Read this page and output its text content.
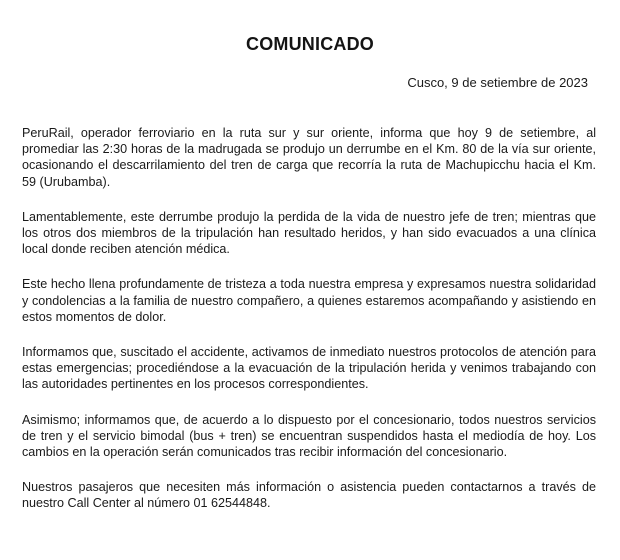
COMUNICADO
Cusco, 9 de setiembre de 2023

PeruRail, operador ferroviario en la ruta sur y sur oriente, informa que hoy 9 de setiembre, al promediar las 2:30 horas de la madrugada se produjo un derrumbe en el Km. 80 de la vía sur oriente, ocasionando el descarrilamiento del tren de carga que recorría la ruta de Machupicchu hacia el Km. 59 (Urubamba).

Lamentablemente, este derrumbe produjo la perdida de la vida de nuestro jefe de tren; mientras que los otros dos miembros de la tripulación han resultado heridos, y han sido evacuados a una clínica local donde reciben atención médica.

Este hecho llena profundamente de tristeza a toda nuestra empresa y expresamos nuestra solidaridad y condolencias a la familia de nuestro compañero, a quienes estaremos acompañando y asistiendo en estos momentos de dolor.

Informamos que, suscitado el accidente, activamos de inmediato nuestros protocolos de atención para estas emergencias; procediéndose a la evacuación de la tripulación herida y venimos trabajando con las autoridades pertinentes en los procesos correspondientes.

Asimismo; informamos que, de acuerdo a lo dispuesto por el concesionario, todos nuestros servicios de tren y el servicio bimodal (bus + tren) se encuentran suspendidos hasta el mediodía de hoy. Los cambios en la operación serán comunicados tras recibir información del concesionario.

Nuestros pasajeros que necesiten más información o asistencia pueden contactarnos a través de nuestro Call Center al número 01 62544848.
